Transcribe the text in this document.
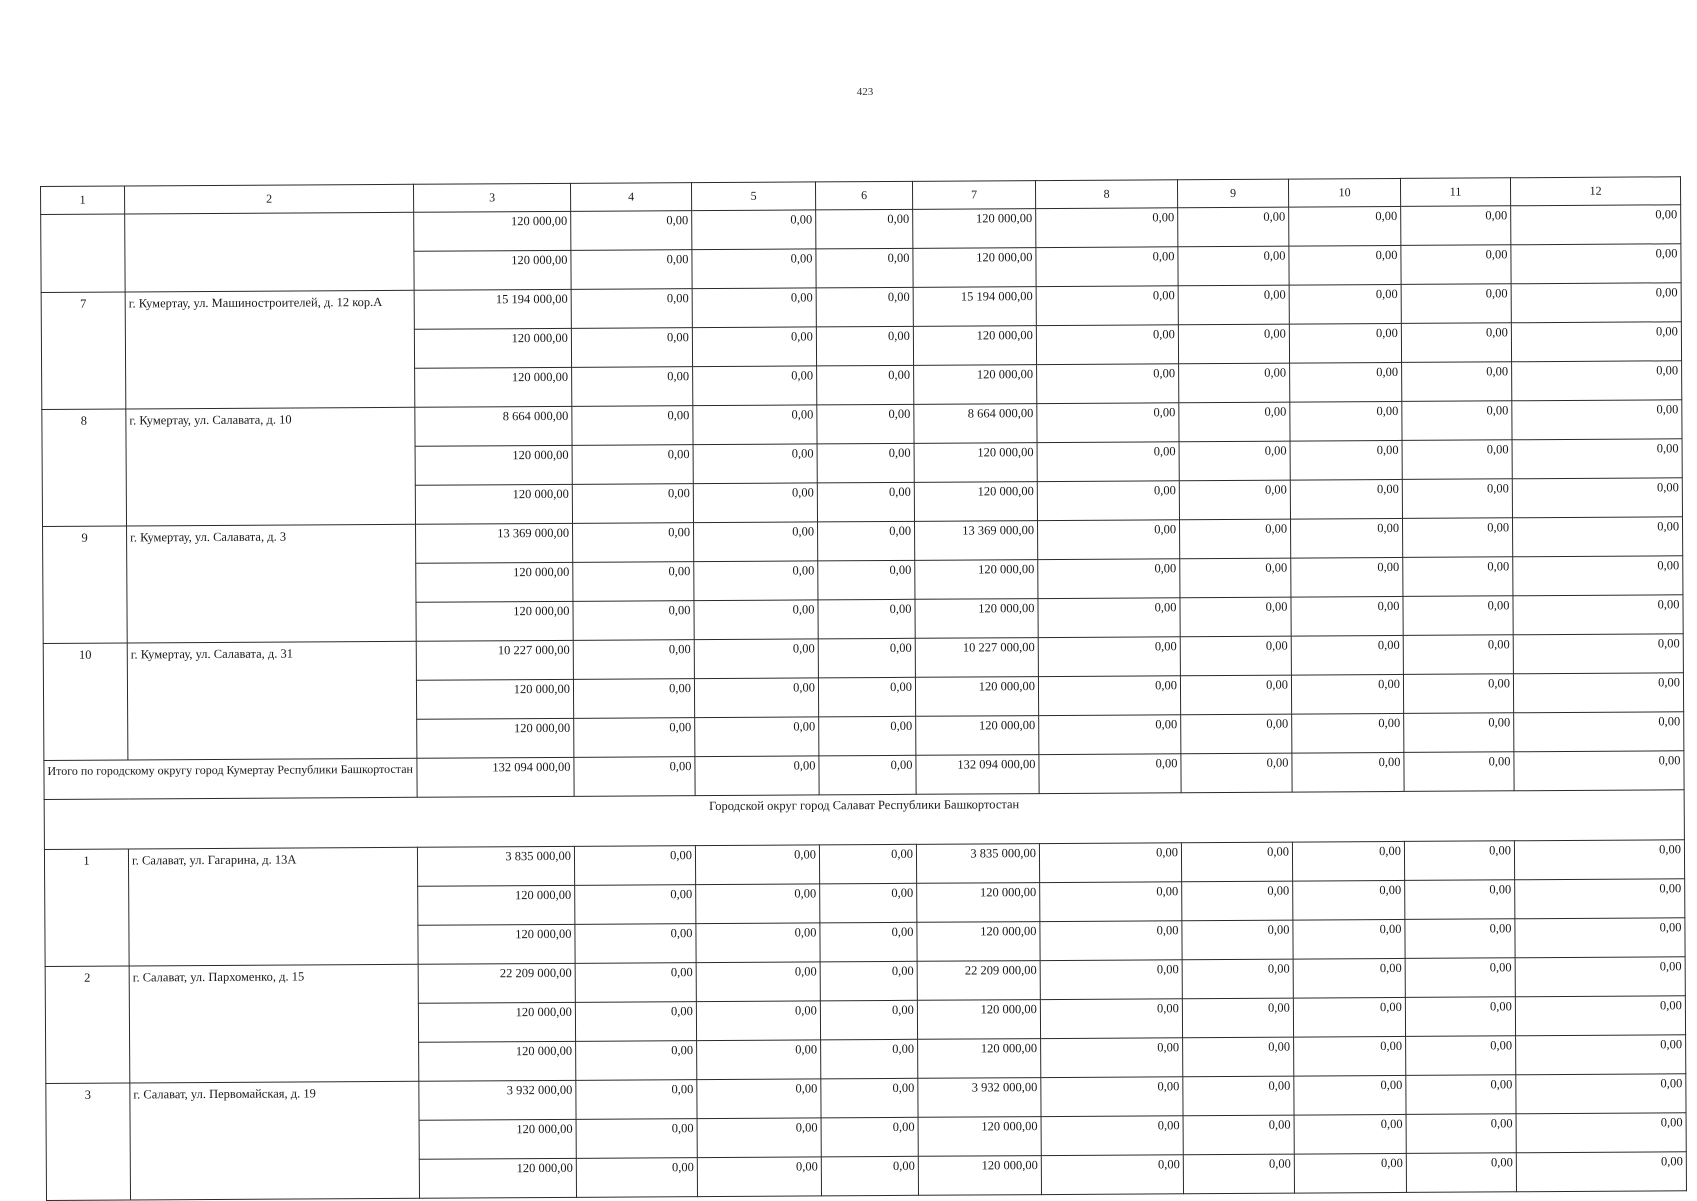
423
1	2	3	4	5	6	7	8	9	10	11	12
		120 000,00	0,00	0,00	0,00	120 000,00	0,00	0,00	0,00	0,00	0,00
		120 000,00	0,00	0,00	0,00	120 000,00	0,00	0,00	0,00	0,00	0,00
7	г. Кумертау, ул. Машиностроителей, д. 12 кор.А	15 194 000,00	0,00	0,00	0,00	15 194 000,00	0,00	0,00	0,00	0,00	0,00
		120 000,00	0,00	0,00	0,00	120 000,00	0,00	0,00	0,00	0,00	0,00
		120 000,00	0,00	0,00	0,00	120 000,00	0,00	0,00	0,00	0,00	0,00
8	г. Кумертау, ул. Салавата, д. 10	8 664 000,00	0,00	0,00	0,00	8 664 000,00	0,00	0,00	0,00	0,00	0,00
		120 000,00	0,00	0,00	0,00	120 000,00	0,00	0,00	0,00	0,00	0,00
		120 000,00	0,00	0,00	0,00	120 000,00	0,00	0,00	0,00	0,00	0,00
9	г. Кумертау, ул. Салавата, д. 3	13 369 000,00	0,00	0,00	0,00	13 369 000,00	0,00	0,00	0,00	0,00	0,00
		120 000,00	0,00	0,00	0,00	120 000,00	0,00	0,00	0,00	0,00	0,00
		120 000,00	0,00	0,00	0,00	120 000,00	0,00	0,00	0,00	0,00	0,00
10	г. Кумертау, ул. Салавата, д. 31	10 227 000,00	0,00	0,00	0,00	10 227 000,00	0,00	0,00	0,00	0,00	0,00
		120 000,00	0,00	0,00	0,00	120 000,00	0,00	0,00	0,00	0,00	0,00
		120 000,00	0,00	0,00	0,00	120 000,00	0,00	0,00	0,00	0,00	0,00
Итого по городскому округу город Кумертау Республики Башкортостан		132 094 000,00	0,00	0,00	0,00	132 094 000,00	0,00	0,00	0,00	0,00	0,00
Городской округ город Салават Республики Башкортостан											
1	г. Салават, ул. Гагарина, д. 13А	3 835 000,00	0,00	0,00	0,00	3 835 000,00	0,00	0,00	0,00	0,00	0,00
		120 000,00	0,00	0,00	0,00	120 000,00	0,00	0,00	0,00	0,00	0,00
		120 000,00	0,00	0,00	0,00	120 000,00	0,00	0,00	0,00	0,00	0,00
2	г. Салават, ул. Пархоменко, д. 15	22 209 000,00	0,00	0,00	0,00	22 209 000,00	0,00	0,00	0,00	0,00	0,00
		120 000,00	0,00	0,00	0,00	120 000,00	0,00	0,00	0,00	0,00	0,00
		120 000,00	0,00	0,00	0,00	120 000,00	0,00	0,00	0,00	0,00	0,00
3	г. Салават, ул. Первомайская, д. 19	3 932 000,00	0,00	0,00	0,00	3 932 000,00	0,00	0,00	0,00	0,00	0,00
		120 000,00	0,00	0,00	0,00	120 000,00	0,00	0,00	0,00	0,00	0,00
		120 000,00	0,00	0,00	0,00	120 000,00	0,00	0,00	0,00	0,00	0,00
